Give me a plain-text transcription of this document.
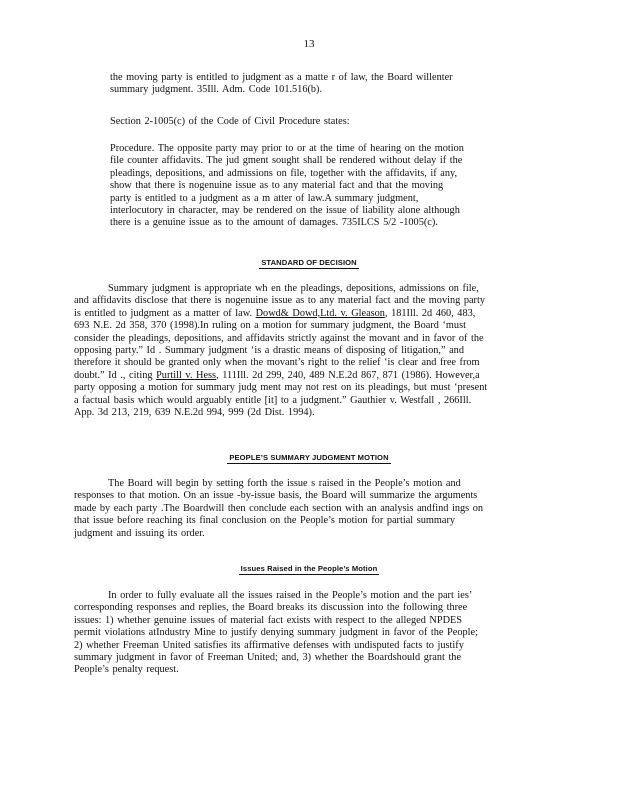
13
the moving party is entitled to judgment as a matte r of law, the Board willenter
summary judgment. 35Ill. Adm. Code 101.516(b).
Section 2-1005(c) of the Code of Civil Procedure states:
Procedure. The opposite party may prior to or at the time of hearing on the motion
file counter affidavits. The jud gment sought shall be rendered without delay if the
pleadings, depositions, and admissions on file, together with the affidavits, if any,
show that there is nogenuine issue as to any material fact and that the moving
party is entitled to a judgment as a m atter of law.A summary judgment,
interlocutory in character, may be rendered on the issue of liability alone although
there is a genuine issue as to the amount of damages. 735ILCS 5/2 -1005(c).
STANDARD OF DECISION
Summary judgment is appropriate wh en the pleadings, depositions, admissions on file,
and affidavits disclose that there is nogenuine issue as to any material fact and the moving party
is entitled to judgment as a matter of law. Dowd& Dowd,Ltd. v. Gleason, 181Ill. 2d 460, 483,
693 N.E. 2d 358, 370 (1998).In ruling on a motion for summary judgment, the Board ‘must
consider the pleadings, depositions, and affidavits strictly against the movant and in favor of the
opposing party.” Id . Summary judgment ‘is a drastic means of disposing of litigation,” and
therefore it should be granted only when the movant’s right to the relief ‘is clear and free from
doubt.” Id ., citing Purtill v. Hess, 111Ill. 2d 299, 240, 489 N.E.2d 867, 871 (1986). However,a
party opposing a motion for summary judg ment may not rest on its pleadings, but must ‘present
a factual basis which would arguably entitle [it] to a judgment.” Gauthier v. Westfall , 266Ill.
App. 3d 213, 219, 639 N.E.2d 994, 999 (2d Dist. 1994).
PEOPLE’S SUMMARY JUDGMENT MOTION
The Board will begin by setting forth the issue s raised in the People’s motion and
responses to that motion. On an issue -by-issue basis, the Board will summarize the arguments
made by each party .The Boardwill then conclude each section with an analysis andfind ings on
that issue before reaching its final conclusion on the People’s motion for partial summary
judgment and issuing its order.
Issues Raised in the People’s Motion
In order to fully evaluate all the issues raised in the People’s motion and the part ies’
corresponding responses and replies, the Board breaks its discussion into the following three
issues: 1) whether genuine issues of material fact exists with respect to the alleged NPDES
permit violations atIndustry Mine to justify denying summary judgment in favor of the People;
2) whether Freeman United satisfies its affirmative defenses with undisputed facts to justify
summary judgment in favor of Freeman United; and, 3) whether the Boardshould grant the
People’s penalty request.
